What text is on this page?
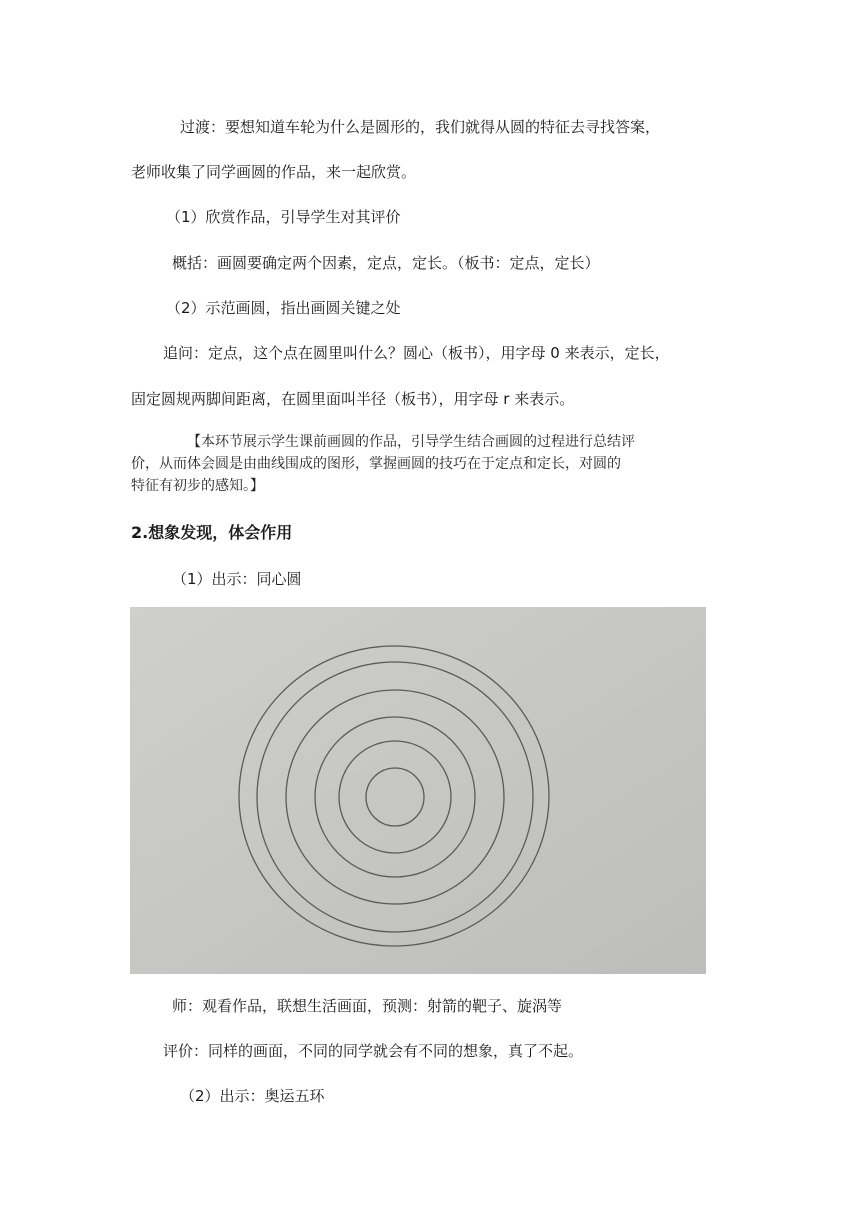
过渡：要想知道车轮为什么是圆形的，我们就得从圆的特征去寻找答案，
老师收集了同学画圆的作品，来一起欣赏。
（1）欣赏作品，引导学生对其评价
概括：画圆要确定两个因素，定点，定长。（板书：定点，定长）
（2）示范画圆，指出画圆关键之处
追问：定点，这个点在圆里叫什么？圆心（板书），用字母 0 来表示，定长，
固定圆规两脚间距离，在圆里面叫半径（板书），用字母 r 来表示。

【本环节展示学生课前画圆的作品，引导学生结合画圆的过程进行总结评

价，从而体会圆是由曲线围成的图形，掌握画圆的技巧在于定点和定长，对圆的

特征有初步的感知。】

2.想象发现，体会作用
（1）出示：同心圆
师：观看作品，联想生活画面，预测：射箭的靶子、旋涡等
评价：同样的画面，不同的同学就会有不同的想象，真了不起。
（2）出示：奥运五环
